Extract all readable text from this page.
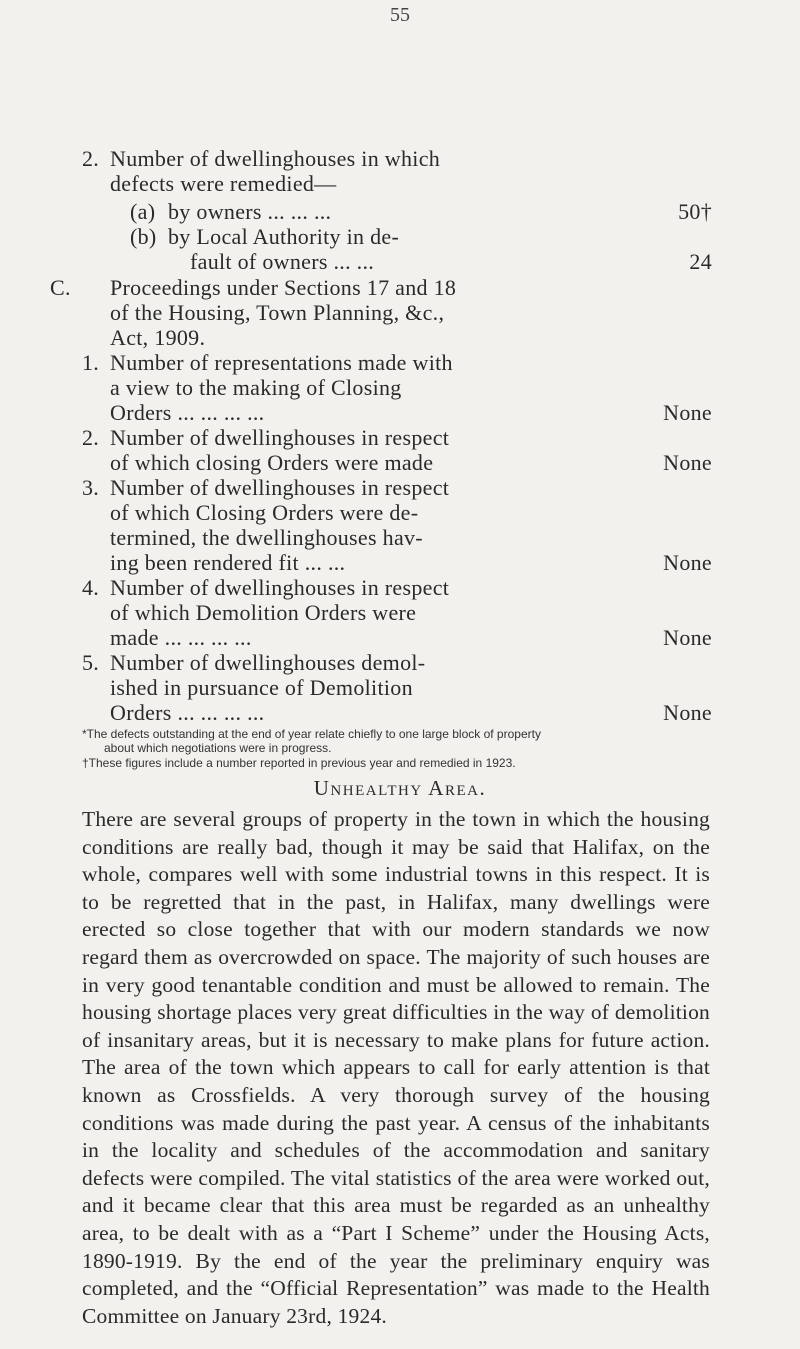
55
2. Number of dwellinghouses in which
defects were remedied—
(a) by owners ... ... ...	50†
(b) by Local Authority in de-
fault of owners ... ...	24
C. Proceedings under Sections 17 and 18
of the Housing, Town Planning, &c.,
Act, 1909.
1. Number of representations made with
a view to the making of Closing
Orders ... ... ... ...	None
2. Number of dwellinghouses in respect
of which closing Orders were made	None
3. Number of dwellinghouses in respect
of which Closing Orders were de-
termined, the dwellinghouses hav-
ing been rendered fit ... ...	None
4. Number of dwellinghouses in respect
of which Demolition Orders were
made ... ... ... ...	None
5. Number of dwellinghouses demol-
ished in pursuance of Demolition
Orders ... ... ... ...	None
*The defects outstanding at the end of year relate chiefly to one large block of property
about which negotiations were in progress.
†These figures include a number reported in previous year and remedied in 1923.
Unhealthy Area.
There are several groups of property in the town in which the housing conditions are really bad, though it may be said that Halifax, on the whole, compares well with some industrial towns in this respect. It is to be regretted that in the past, in Halifax, many dwellings were erected so close together that with our modern standards we now regard them as overcrowded on space. The majority of such houses are in very good tenantable condition and must be allowed to remain. The housing shortage places very great difficulties in the way of demolition of insanitary areas, but it is necessary to make plans for future action. The area of the town which appears to call for early attention is that known as Crossfields. A very thorough survey of the housing conditions was made during the past year. A census of the inhabitants in the locality and schedules of the accommodation and sanitary defects were compiled. The vital statistics of the area were worked out, and it became clear that this area must be regarded as an unhealthy area, to be dealt with as a “Part I Scheme” under the Housing Acts, 1890-1919. By the end of the year the preliminary enquiry was completed, and the “Official Representation” was made to the Health Committee on January 23rd, 1924.
